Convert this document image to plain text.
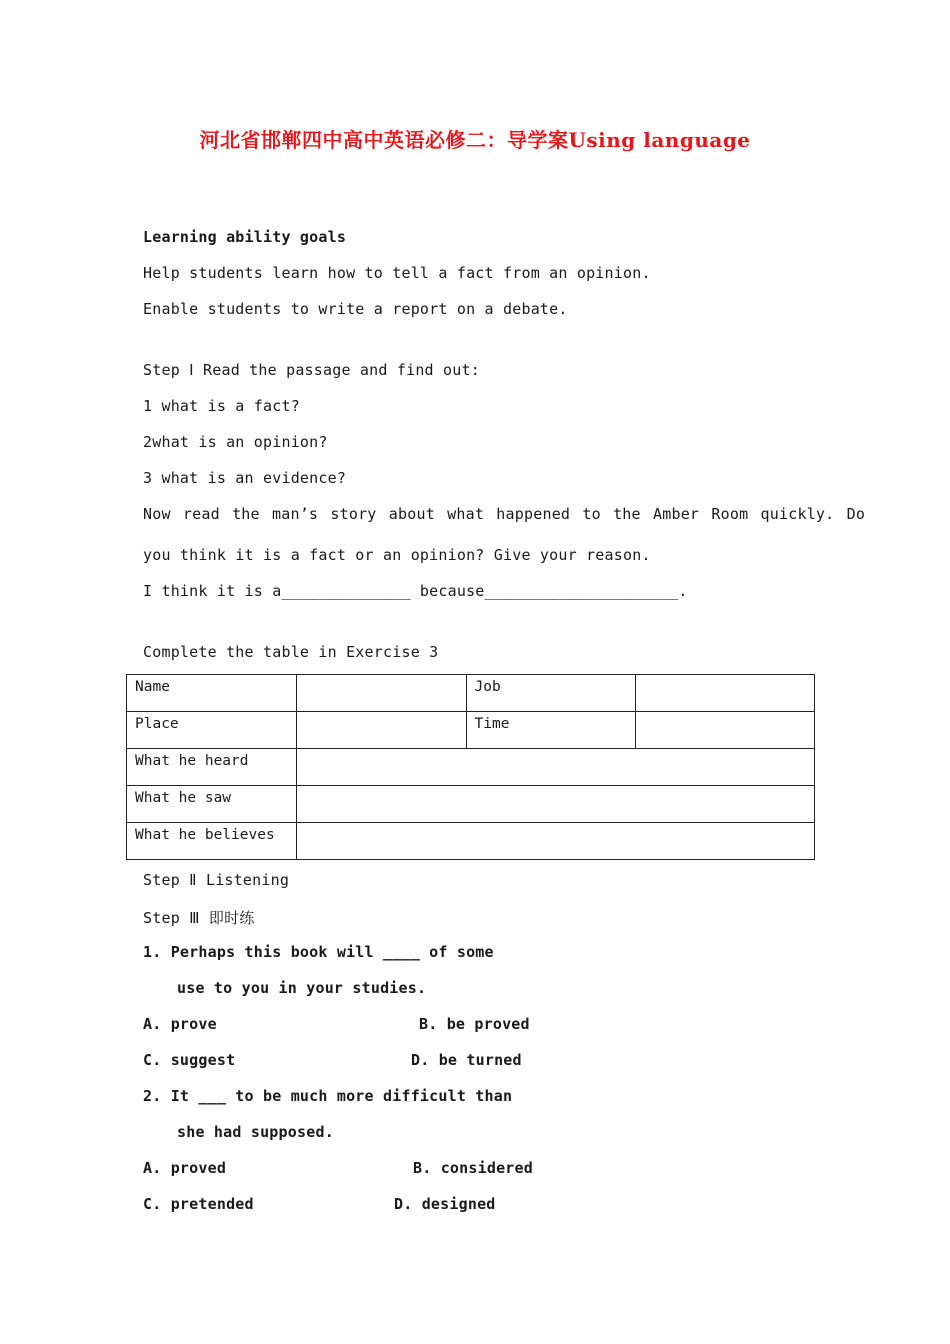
河北省邯郸四中高中英语必修二：导学案Using language
Learning ability goals
Help students learn how to tell a fact from an opinion.
Enable students to write a report on a debate.
Step Ⅰ Read the passage and find out:
1 what is a fact?
2what is an opinion?
3 what is an evidence?
Now read the man’s story about what happened to the Amber Room quickly. Do
you think it is a fact or an opinion? Give your reason.
I think it is a______________ because_____________________.
Complete the table in Exercise 3
Name		Job	
Place		Time	
What he heard			
What he saw			
What he believes			
Step Ⅱ Listening
Step Ⅲ 即时练
1. Perhaps this book will ____ of some
use to you in your studies.
A. prove	B. be proved
C. suggest	D. be turned
2. It ___ to be much more difficult than
she had supposed.
A. proved	B. considered
C. pretended	D. designed
